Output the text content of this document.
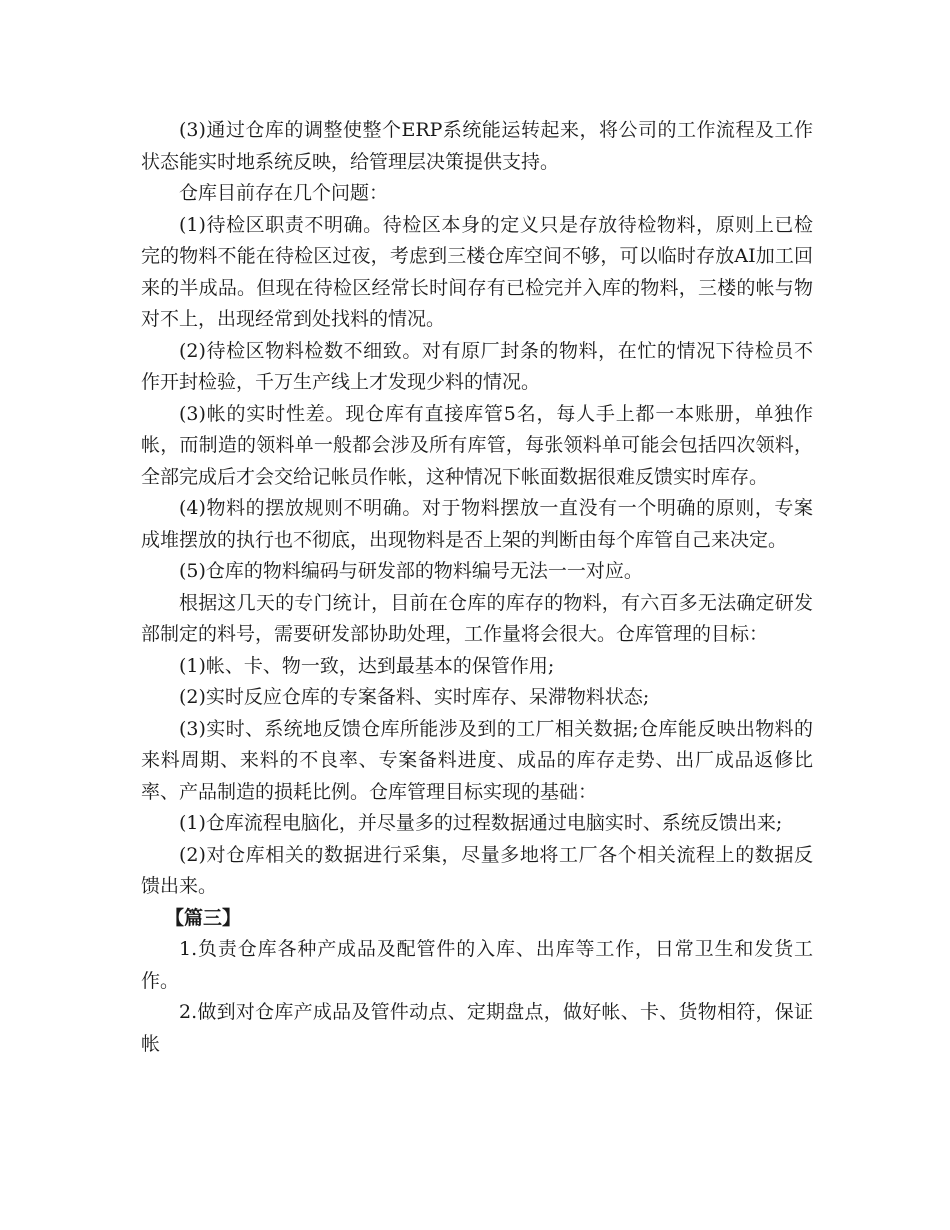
(3)通过仓库的调整使整个ERP系统能运转起来，将公司的工作流程及工作状态能实时地系统反映，给管理层决策提供支持。

仓库目前存在几个问题：

(1)待检区职责不明确。待检区本身的定义只是存放待检物料，原则上已检完的物料不能在待检区过夜，考虑到三楼仓库空间不够，可以临时存放AI加工回来的半成品。但现在待检区经常长时间存有已检完并入库的物料，三楼的帐与物对不上，出现经常到处找料的情况。

(2)待检区物料检数不细致。对有原厂封条的物料，在忙的情况下待检员不作开封检验，千万生产线上才发现少料的情况。

(3)帐的实时性差。现仓库有直接库管5名，每人手上都一本账册，单独作帐，而制造的领料单一般都会涉及所有库管，每张领料单可能会包括四次领料，全部完成后才会交给记帐员作帐，这种情况下帐面数据很难反馈实时库存。

(4)物料的摆放规则不明确。对于物料摆放一直没有一个明确的原则，专案成堆摆放的执行也不彻底，出现物料是否上架的判断由每个库管自己来决定。

(5)仓库的物料编码与研发部的物料编号无法一一对应。

根据这几天的专门统计，目前在仓库的库存的物料，有六百多无法确定研发部制定的料号，需要研发部协助处理，工作量将会很大。仓库管理的目标：

(1)帐、卡、物一致，达到最基本的保管作用;

(2)实时反应仓库的专案备料、实时库存、呆滞物料状态;

(3)实时、系统地反馈仓库所能涉及到的工厂相关数据;仓库能反映出物料的来料周期、来料的不良率、专案备料进度、成品的库存走势、出厂成品返修比率、产品制造的损耗比例。仓库管理目标实现的基础：

(1)仓库流程电脑化，并尽量多的过程数据通过电脑实时、系统反馈出来;

(2)对仓库相关的数据进行采集，尽量多地将工厂各个相关流程上的数据反馈出来。

【篇三】

1.负责仓库各种产成品及配管件的入库、出库等工作，日常卫生和发货工作。

2.做到对仓库产成品及管件动点、定期盘点，做好帐、卡、货物相符，保证帐
